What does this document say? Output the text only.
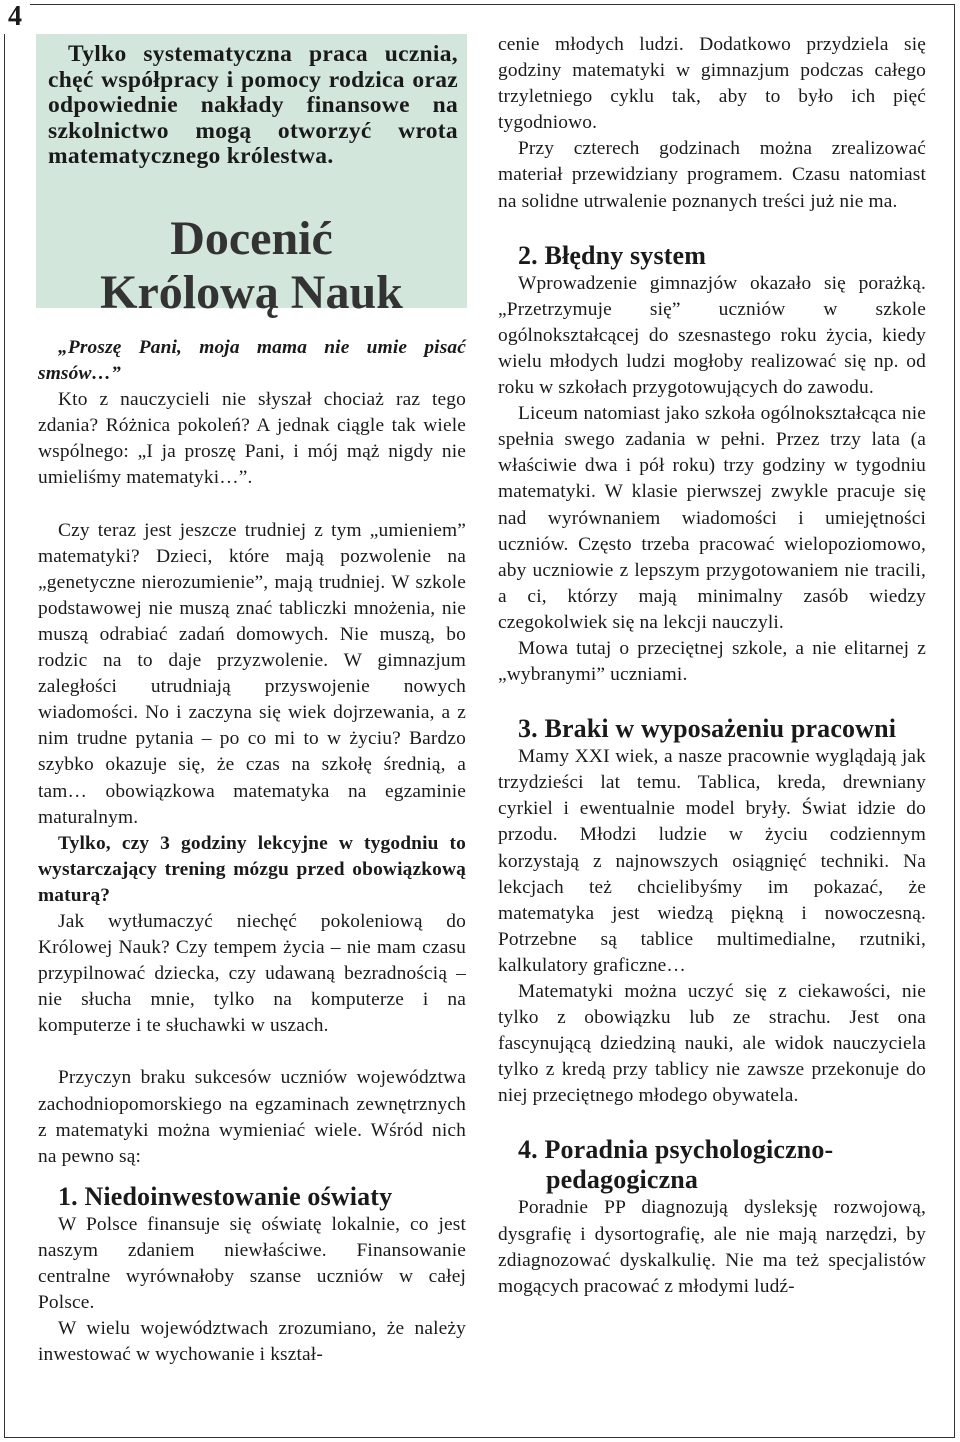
4
Tylko systematyczna praca ucznia, chęć współpracy i pomocy rodzica oraz odpowiednie nakłady finansowe na szkolnictwo mogą otworzyć wrota matematycznego królestwa.
Docenić
Królową Nauk

„Proszę Pani, moja mama nie umie pisać smsów…”

Kto z nauczycieli nie słyszał chociaż raz tego zdania? Różnica pokoleń? A jednak ciągle tak wiele wspólnego: „I ja proszę Pani, i mój mąż nigdy nie umieliśmy matematyki…”.

Czy teraz jest jeszcze trudniej z tym „umieniem” matematyki? Dzieci, które mają pozwolenie na „genetyczne nierozumienie”, mają trudniej. W szkole podstawowej nie muszą znać tabliczki mnożenia, nie muszą odrabiać zadań domowych. Nie muszą, bo rodzic na to daje przyzwolenie. W gimnazjum zaległości utrudniają przyswojenie nowych wiadomości. No i zaczyna się wiek dojrzewania, a z nim trudne pytania – po co mi to w życiu? Bardzo szybko okazuje się, że czas na szkołę średnią, a tam… obowiązkowa matematyka na egzaminie maturalnym.

Tylko, czy 3 godziny lekcyjne w tygodniu to wystarczający trening mózgu przed obowiązkową maturą?

Jak wytłumaczyć niechęć pokoleniową do Królowej Nauk? Czy tempem życia – nie mam czasu przypilnować dziecka, czy udawaną bezradnością – nie słucha mnie, tylko na komputerze i na komputerze i te słuchawki w uszach.

Przyczyn braku sukcesów uczniów województwa zachodniopomorskiego na egzaminach zewnętrznych z matematyki można wymieniać wiele. Wśród nich na pewno są:

1. Niedoinwestowanie oświaty

W Polsce finansuje się oświatę lokalnie, co jest naszym zdaniem niewłaściwe. Finansowanie centralne wyrównałoby szanse uczniów w całej Polsce.

W wielu województwach zrozumiano, że należy inwestować w wychowanie i kształ-

cenie młodych ludzi. Dodatkowo przydziela się godziny matematyki w gimnazjum podczas całego trzyletniego cyklu tak, aby to było ich pięć tygodniowo.

Przy czterech godzinach można zrealizować materiał przewidziany programem. Czasu natomiast na solidne utrwalenie poznanych treści już nie ma.

2. Błędny system

Wprowadzenie gimnazjów okazało się porażką. „Przetrzymuje się” uczniów w szkole ogólnokształcącej do szesnastego roku życia, kiedy wielu młodych ludzi mogłoby realizować się np. od roku w szkołach przygotowujących do zawodu.

Liceum natomiast jako szkoła ogólnokształcąca nie spełnia swego zadania w pełni. Przez trzy lata (a właściwie dwa i pół roku) trzy godziny w tygodniu matematyki. W klasie pierwszej zwykle pracuje się nad wyrównaniem wiadomości i umiejętności uczniów. Często trzeba pracować wielopoziomowo, aby uczniowie z lepszym przygotowaniem nie tracili, a ci, którzy mają minimalny zasób wiedzy czegokolwiek się na lekcji nauczyli.

Mowa tutaj o przeciętnej szkole, a nie elitarnej z „wybranymi” uczniami.

3. Braki w wyposażeniu pracowni

Mamy XXI wiek, a nasze pracownie wyglądają jak trzydzieści lat temu. Tablica, kreda, drewniany cyrkiel i ewentualnie model bryły. Świat idzie do przodu. Młodzi ludzie w życiu codziennym korzystają z najnowszych osiągnięć techniki. Na lekcjach też chcielibyśmy im pokazać, że matematyka jest wiedzą piękną i nowoczesną. Potrzebne są tablice multimedialne, rzutniki, kalkulatory graficzne…

Matematyki można uczyć się z ciekawości, nie tylko z obowiązku lub ze strachu. Jest ona fascynującą dziedziną nauki, ale widok nauczyciela tylko z kredą przy tablicy nie zawsze przekonuje do niej przeciętnego młodego obywatela.

4. Poradnia psychologiczno-pedagogiczna

Poradnie PP diagnozują dysleksję rozwojową, dysgrafię i dysortografię, ale nie mają narzędzi, by zdiagnozować dyskalkulię. Nie ma też specjalistów mogących pracować z młodymi ludź-
